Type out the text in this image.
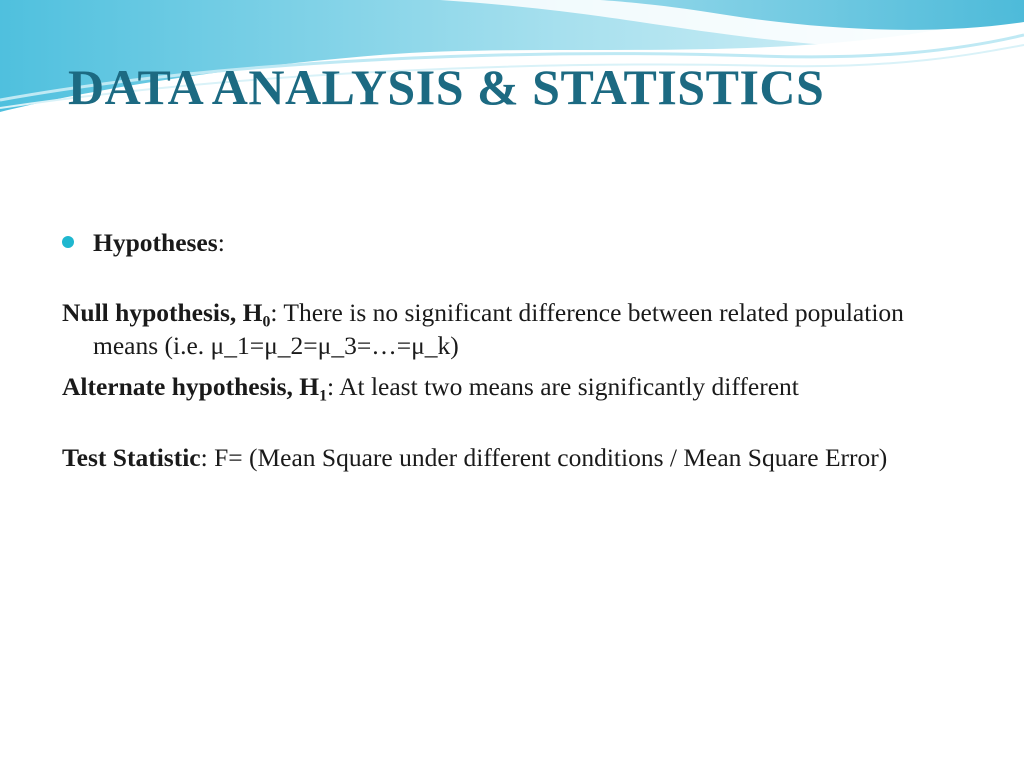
DATA ANALYSIS & STATISTICS
Hypotheses:

Null hypothesis, $H_0$: There is no significant difference between related population means (i.e. μ_1=μ_2=μ_3=…=μ_k)

Alternate hypothesis, $H_1$: At least two means are significantly different

Test Statistic: F= (Mean Square under different conditions / Mean Square Error)
